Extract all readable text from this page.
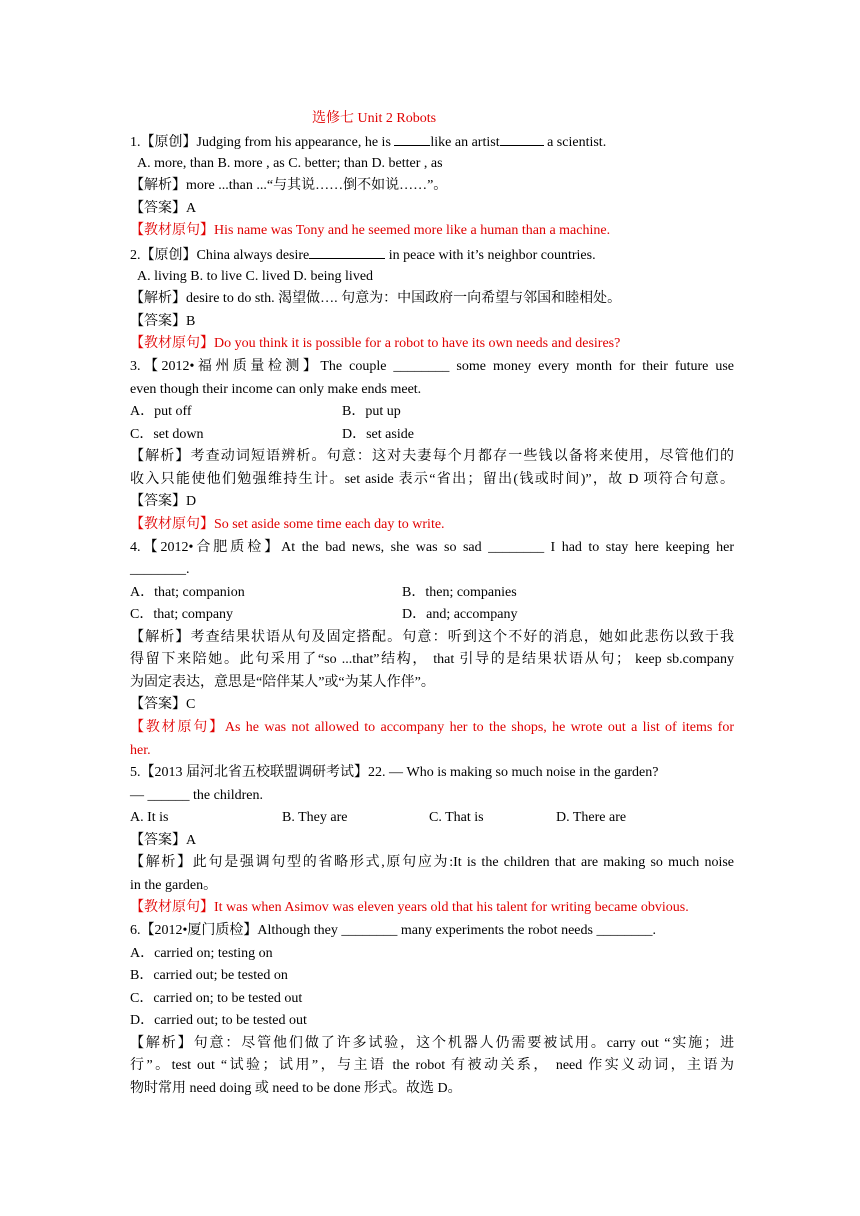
选修七 Unit 2 Robots
1.【原创】Judging from his appearance, he is	like an artist	a scientist.
A. more, than B. more , as C. better; than D. better , as
【解析】more ...than ...“与其说……倒不如说……”。
【答案】A
【教材原句】His name was Tony and he seemed more like a human than a machine.
2.【原创】China always desire	in peace with it’s neighbor countries.
A. living B. to live C. lived D. being lived
【解析】desire to do sth. 渴望做…. 句意为：中国政府一向希望与邻国和睦相处。
【答案】B
【教材原句】Do you think it is possible for a robot to have its own needs and desires?
3.【2012•福州质量检测】The couple ________ some money every month for their future use
even though their income can only make ends meet.
A．put off	B．put up
C．set down	D．set aside
【解析】考查动词短语辨析。句意：这对夫妻每个月都存一些钱以备将来使用，尽管他们的
收入只能使他们勉强维持生计。set aside 表示“省出；留出(钱或时间)”，故 D 项符合句意。
【答案】D
【教材原句】So set aside some time each day to write.
4.【2012•合肥质检】At the bad news, she was so sad ________ I had to stay here keeping her
________.
A．that; companion	B．then; companies
C．that; company	D．and; accompany
【解析】考查结果状语从句及固定搭配。句意：听到这个不好的消息，她如此悲伤以致于我
得留下来陪她。此句采用了“so ...that”结构， that 引导的是结果状语从句； keep sb.company
为固定表达，意思是“陪伴某人”或“为某人作伴”。
【答案】C
【教材原句】As he was not allowed to accompany her to the shops, he wrote out a list of items for
her.
5.【2013 届河北省五校联盟调研考试】22. — Who is making so much noise in the garden?
— ______ the children.
A. It is	B. They are	C. That is	D. There are
【答案】A
【解析】此句是强调句型的省略形式,原句应为:It is the children that are making so much noise
in the garden。
【教材原句】It was when Asimov was eleven years old that his talent for writing became obvious.
6.【2012•厦门质检】Although they ________ many experiments the robot needs ________.
A．carried on; testing on
B．carried out; be tested on
C．carried on; to be tested out
D．carried out; to be tested out
【解析】句意：尽管他们做了许多试验，这个机器人仍需要被试用。carry out “实施；进
行”。test out “试验；试用”，与主语 the robot 有被动关系， need 作实义动词，主语为
物时常用 need doing 或 need to be done 形式。故选 D。
